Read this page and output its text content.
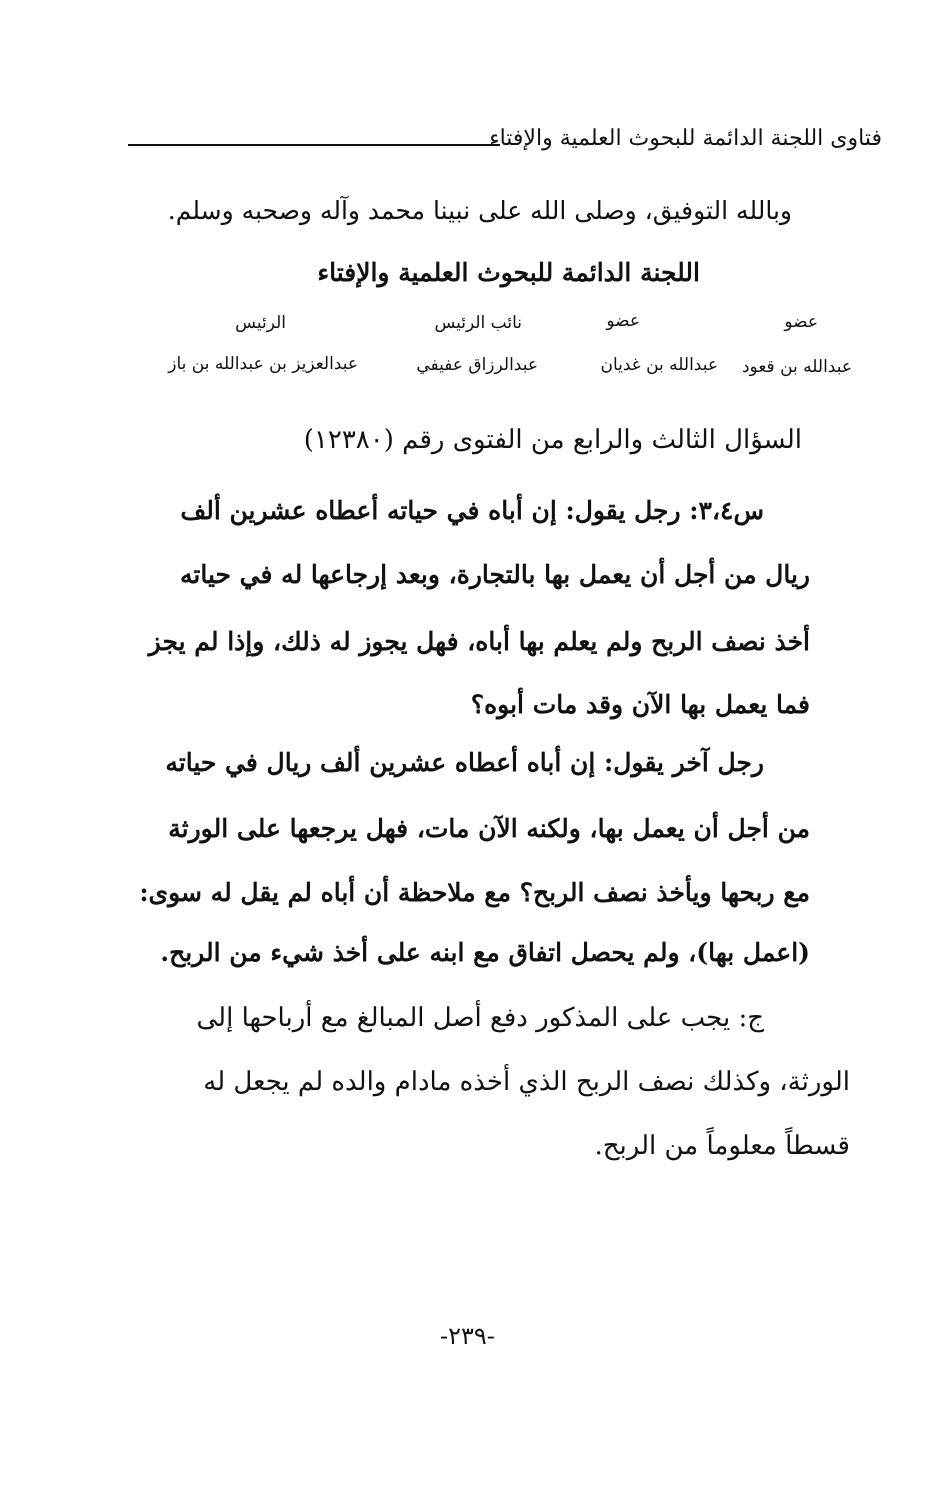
فتاوى اللجنة الدائمة للبحوث العلمية والإفتاء
وبالله التوفيق، وصلى الله على نبينا محمد وآله وصحبه وسلم.
اللجنة الدائمة للبحوث العلمية والإفتاء
عضو
عبدالله بن قعود
عضو
عبدالله بن غديان
نائب الرئيس
عبدالرزاق عفيفي
الرئيس
عبدالعزيز بن عبدالله بن باز
السؤال الثالث والرابع من الفتوى رقم (١٢٣٨٠)
س٣،٤: رجل يقول: إن أباه في حياته أعطاه عشرين ألف
ريال من أجل أن يعمل بها بالتجارة، وبعد إرجاعها له في حياته
أخذ نصف الربح ولم يعلم بها أباه، فهل يجوز له ذلك، وإذا لم يجز
فما يعمل بها الآن وقد مات أبوه؟
رجل آخر يقول: إن أباه أعطاه عشرين ألف ريال في حياته
من أجل أن يعمل بها، ولكنه الآن مات، فهل يرجعها على الورثة
مع ربحها ويأخذ نصف الربح؟ مع ملاحظة أن أباه لم يقل له سوى:
(اعمل بها)، ولم يحصل اتفاق مع ابنه على أخذ شيء من الربح.
ج: يجب على المذكور دفع أصل المبالغ مع أرباحها إلى
الورثة، وكذلك نصف الربح الذي أخذه مادام والده لم يجعل له
قسطاً معلوماً من الربح.
-٢٣٩-
